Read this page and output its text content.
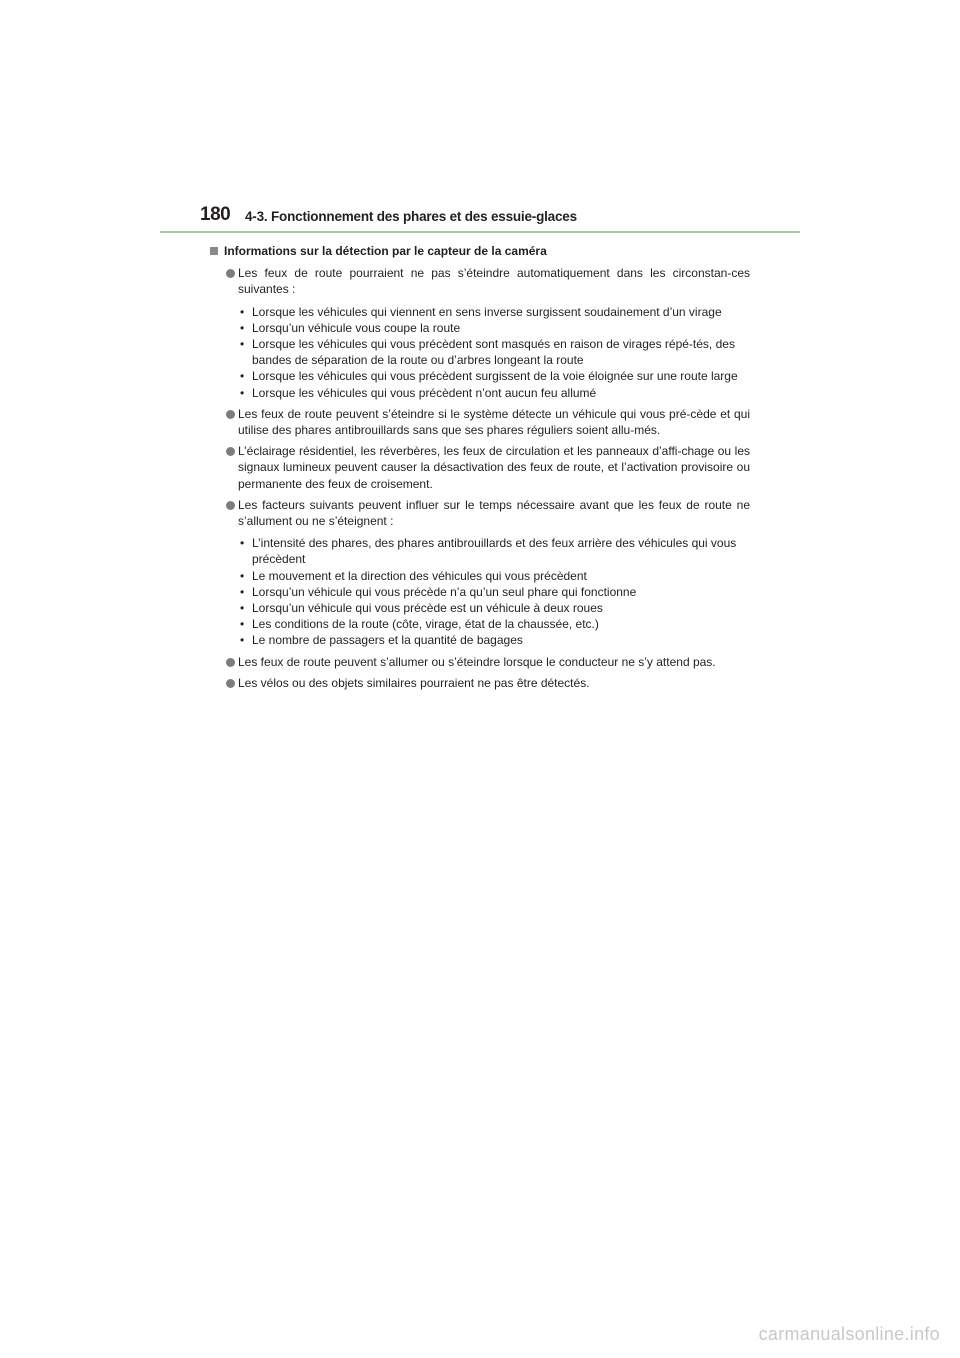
180 4-3. Fonctionnement des phares et des essuie-glaces
Informations sur la détection par le capteur de la caméra
Les feux de route pourraient ne pas s’éteindre automatiquement dans les circonstan-ces suivantes :
• Lorsque les véhicules qui viennent en sens inverse surgissent soudainement d’un virage
• Lorsqu’un véhicule vous coupe la route
• Lorsque les véhicules qui vous précèdent sont masqués en raison de virages répé-tés, des bandes de séparation de la route ou d’arbres longeant la route
• Lorsque les véhicules qui vous précèdent surgissent de la voie éloignée sur une route large
• Lorsque les véhicules qui vous précèdent n’ont aucun feu allumé
Les feux de route peuvent s’éteindre si le système détecte un véhicule qui vous pré-cède et qui utilise des phares antibrouillards sans que ses phares réguliers soient allu-més.
L’éclairage résidentiel, les réverbères, les feux de circulation et les panneaux d’affi-chage ou les signaux lumineux peuvent causer la désactivation des feux de route, et l’activation provisoire ou permanente des feux de croisement.
Les facteurs suivants peuvent influer sur le temps nécessaire avant que les feux de route ne s’allument ou ne s’éteignent :
• L’intensité des phares, des phares antibrouillards et des feux arrière des véhicules qui vous précèdent
• Le mouvement et la direction des véhicules qui vous précèdent
• Lorsqu’un véhicule qui vous précède n’a qu’un seul phare qui fonctionne
• Lorsqu’un véhicule qui vous précède est un véhicule à deux roues
• Les conditions de la route (côte, virage, état de la chaussée, etc.)
• Le nombre de passagers et la quantité de bagages
Les feux de route peuvent s’allumer ou s’éteindre lorsque le conducteur ne s’y attend pas.
Les vélos ou des objets similaires pourraient ne pas être détectés.
carmanualsonline.info
